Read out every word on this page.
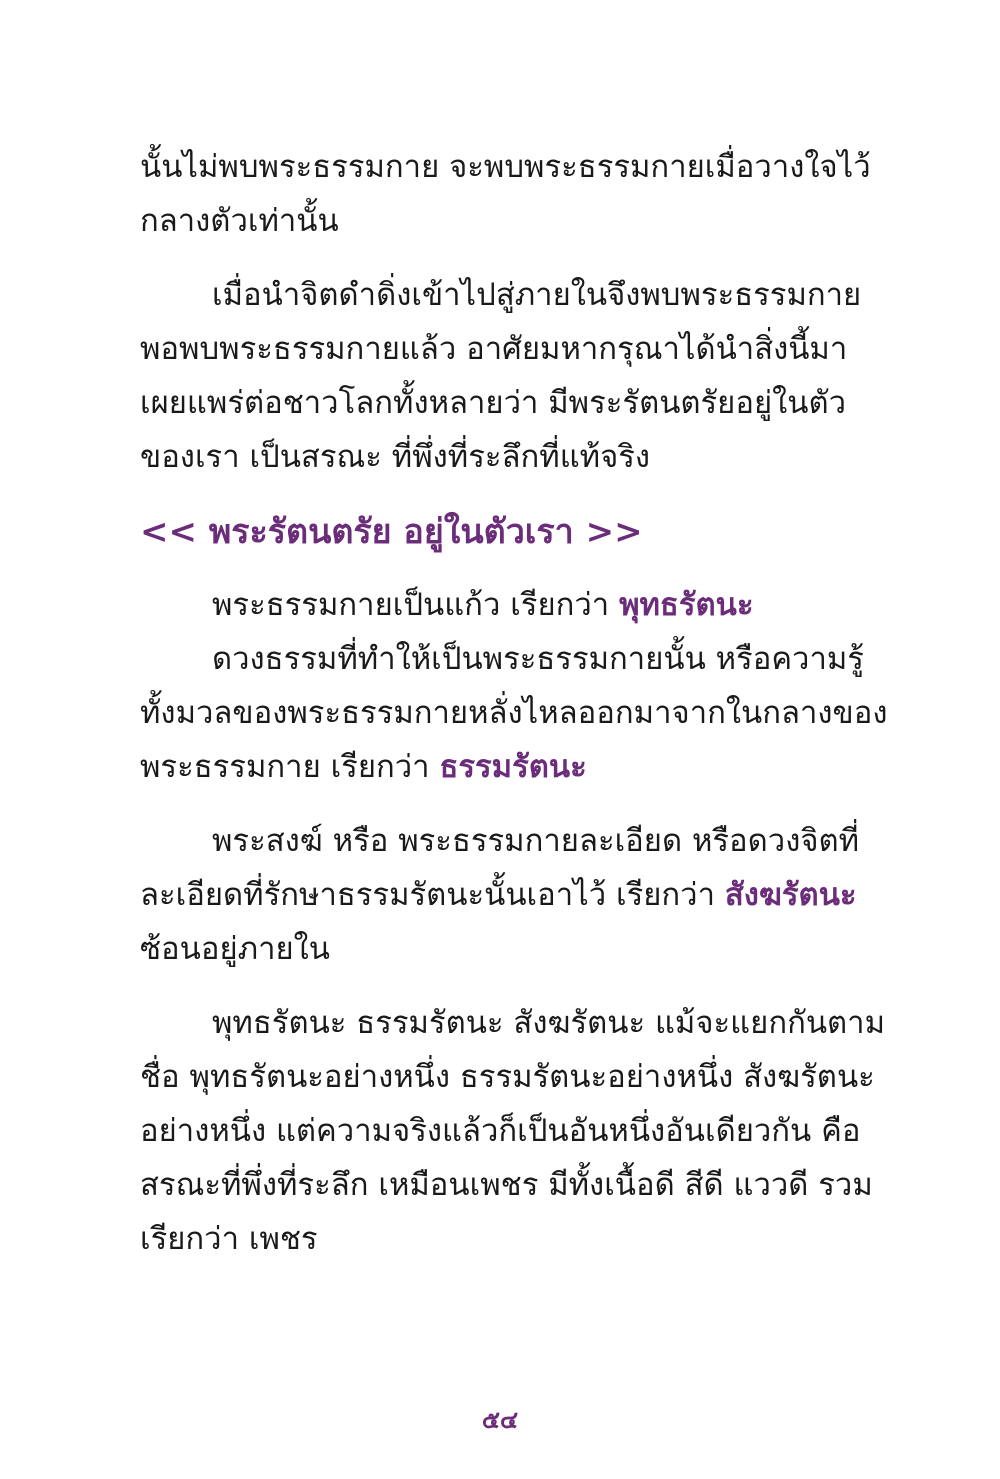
นั้นไม่พบพระธรรมกาย จะพบพระธรรมกายเมื่อวางใจไว้
กลางตัวเท่านั้น
เมื่อนำจิตดำดิ่งเข้าไปสู่ภายในจึงพบพระธรรมกาย
พอพบพระธรรมกายแล้ว อาศัยมหากรุณาได้นำสิ่งนี้มา
เผยแพร่ต่อชาวโลกทั้งหลายว่า มีพระรัตนตรัยอยู่ในตัว
ของเรา เป็นสรณะ ที่พึ่งที่ระลึกที่แท้จริง
<< พระรัตนตรัย อยู่ในตัวเรา >>
พระธรรมกายเป็นแก้ว เรียกว่า พุทธรัตนะ
ดวงธรรมที่ทำให้เป็นพระธรรมกายนั้น หรือความรู้
ทั้งมวลของพระธรรมกายหลั่งไหลออกมาจากในกลางของ
พระธรรมกาย เรียกว่า ธรรมรัตนะ
พระสงฆ์ หรือ พระธรรมกายละเอียด หรือดวงจิตที่
ละเอียดที่รักษาธรรมรัตนะนั้นเอาไว้ เรียกว่า สังฆรัตนะ
ซ้อนอยู่ภายใน
พุทธรัตนะ ธรรมรัตนะ สังฆรัตนะ แม้จะแยกกันตาม
ชื่อ พุทธรัตนะอย่างหนึ่ง ธรรมรัตนะอย่างหนึ่ง สังฆรัตนะ
อย่างหนึ่ง แต่ความจริงแล้วก็เป็นอันหนึ่งอันเดียวกัน คือ
สรณะที่พึ่งที่ระลึก เหมือนเพชร มีทั้งเนื้อดี สีดี แววดี รวม
เรียกว่า เพชร
๕๔
